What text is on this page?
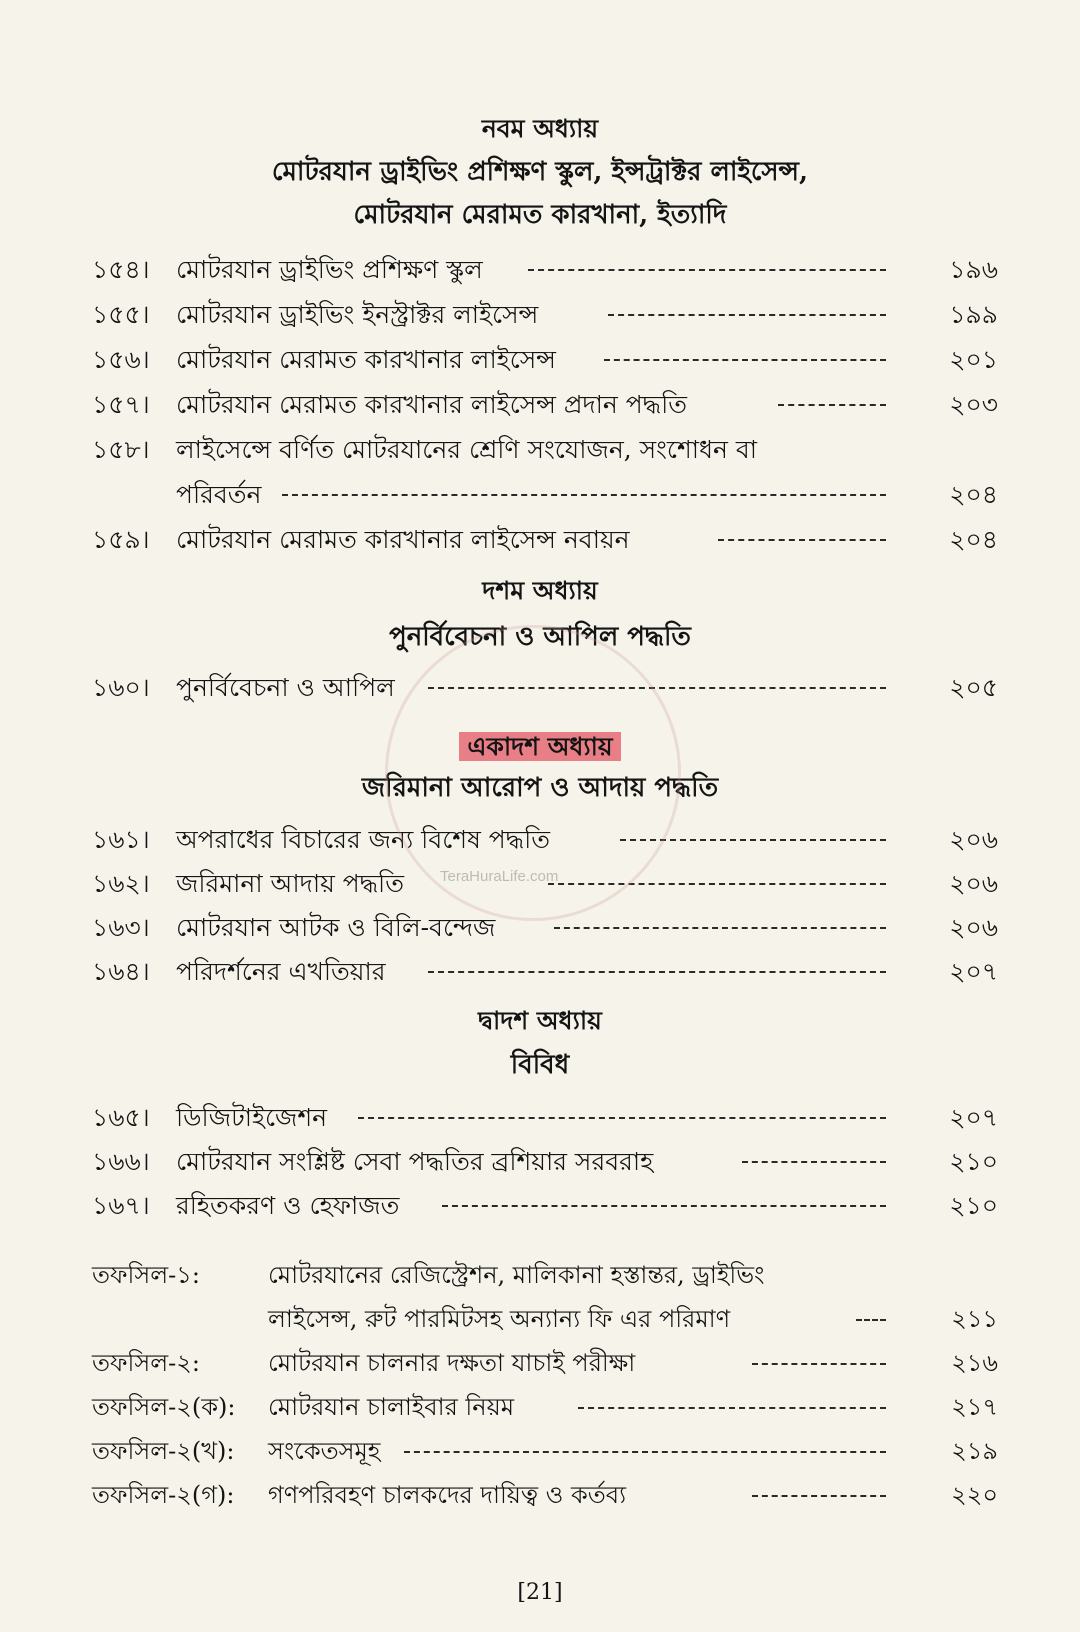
নবম অধ্যায়
মোটরযান ড্রাইভিং প্রশিক্ষণ স্কুল, ইন্সট্রাক্টর লাইসেন্স,
মোটরযান মেরামত কারখানা, ইত্যাদি
১৫৪। মোটরযান ড্রাইভিং প্রশিক্ষণ স্কুল	১৯৬
১৫৫। মোটরযান ড্রাইভিং ইনস্ট্রাক্টর লাইসেন্স	১৯৯
১৫৬। মোটরযান মেরামত কারখানার লাইসেন্স	২০১
১৫৭। মোটরযান মেরামত কারখানার লাইসেন্স প্রদান পদ্ধতি	২০৩
১৫৮। লাইসেন্সে বর্ণিত মোটরযানের শ্রেণি সংযোজন, সংশোধন বা
পরিবর্তন	২০৪
১৫৯। মোটরযান মেরামত কারখানার লাইসেন্স নবায়ন	২০৪
দশম অধ্যায়
পুনর্বিবেচনা ও আপিল পদ্ধতি
১৬০। পুনর্বিবেচনা ও আপিল	২০৫
একাদশ অধ্যায়
জরিমানা আরোপ ও আদায় পদ্ধতি
১৬১। অপরাধের বিচারের জন্য বিশেষ পদ্ধতি	২০৬
১৬২। জরিমানা আদায় পদ্ধতি	২০৬
১৬৩। মোটরযান আটক ও বিলি-বন্দেজ	২০৬
১৬৪। পরিদর্শনের এখতিয়ার	২০৭
দ্বাদশ অধ্যায়
বিবিধ
১৬৫। ডিজিটাইজেশন	২০৭
১৬৬। মোটরযান সংশ্লিষ্ট সেবা পদ্ধতির ব্রশিয়ার সরবরাহ	২১০
১৬৭। রহিতকরণ ও হেফাজত	২১০
তফসিল-১:	মোটরযানের রেজিস্ট্রেশন, মালিকানা হস্তান্তর, ড্রাইভিং
লাইসেন্স, রুট পারমিটসহ অন্যান্য ফি এর পরিমাণ	২১১
তফসিল-২:	মোটরযান চালনার দক্ষতা যাচাই পরীক্ষা	২১৬
তফসিল-২(ক): মোটরযান চালাইবার নিয়ম	২১৭
তফসিল-২(খ): সংকেতসমূহ	২১৯
তফসিল-২(গ): গণপরিবহণ চালকদের দায়িত্ব ও কর্তব্য	২২০
TeraHuraLife.com
[21]
